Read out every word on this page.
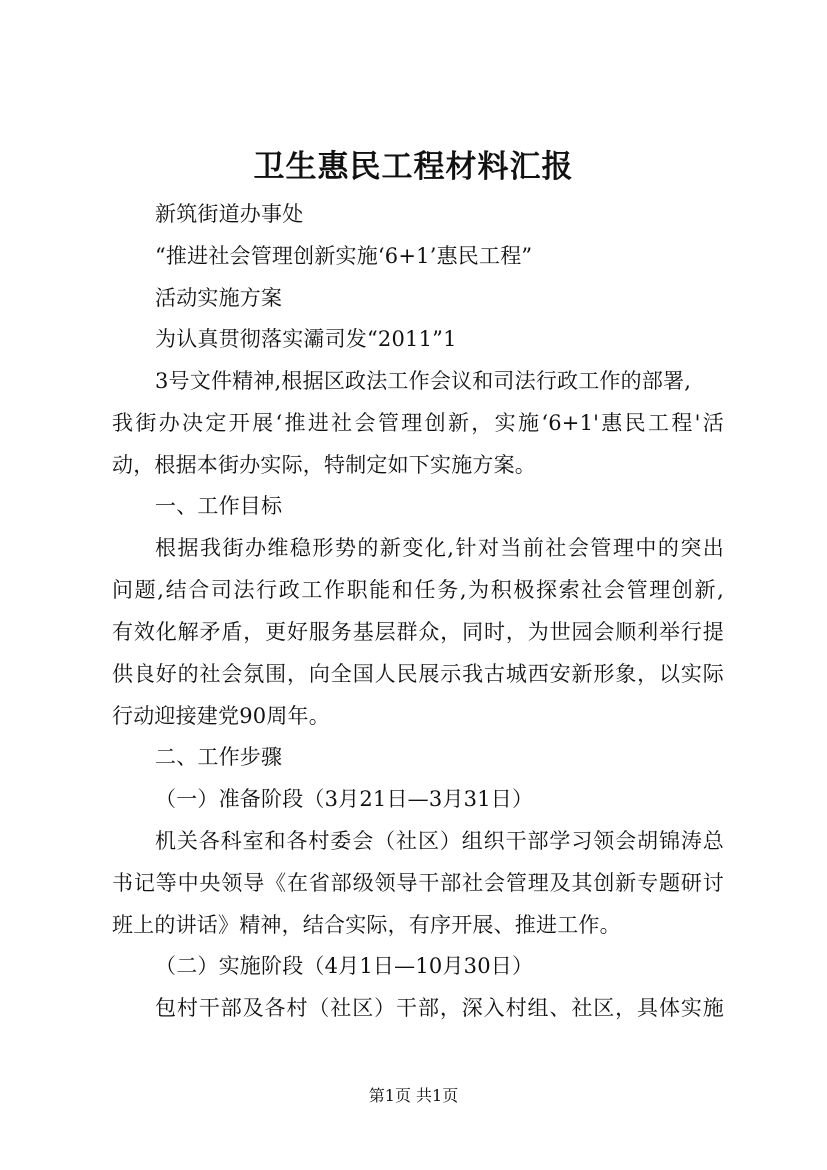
卫生惠民工程材料汇报
新筑街道办事处
“推进社会管理创新实施‘6+1’惠民工程”
活动实施方案
为认真贯彻落实灞司发“2011”1
3号文件精神,根据区政法工作会议和司法行政工作的部署,
我街办决定开展‘推进社会管理创新，实施‘6+1'惠民工程'活
动，根据本街办实际，特制定如下实施方案。
一、工作目标
根据我街办维稳形势的新变化,针对当前社会管理中的突出
问题,结合司法行政工作职能和任务,为积极探索社会管理创新,
有效化解矛盾，更好服务基层群众，同时，为世园会顺利举行提
供良好的社会氛围，向全国人民展示我古城西安新形象，以实际
行动迎接建党90周年。
二、工作步骤
（一）准备阶段（3月21日—3月31日）
机关各科室和各村委会（社区）组织干部学习领会胡锦涛总
书记等中央领导《在省部级领导干部社会管理及其创新专题研讨
班上的讲话》精神，结合实际，有序开展、推进工作。
（二）实施阶段（4月1日—10月30日）
包村干部及各村（社区）干部，深入村组、社区，具体实施
第1页 共1页
